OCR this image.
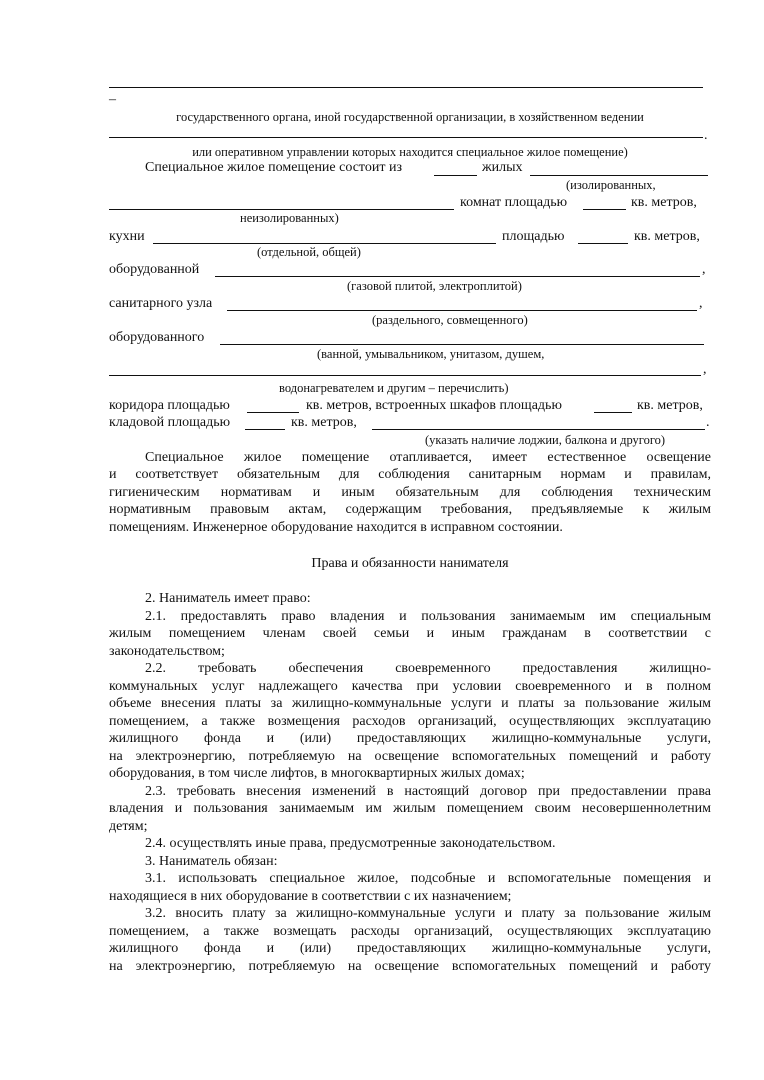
–
государственного органа, иной государственной организации, в хозяйственном ведении
.
или оперативном управлении которых находится специальное жилое помещение)
Специальное жилое помещение состоит из	жилых
(изолированных,
комнат площадью	кв. метров,
неизолированных)
кухни	площадью	кв. метров,
(отдельной, общей)
оборудованной	,
(газовой плитой, электроплитой)
санитарного узла	,
(раздельного, совмещенного)
оборудованного
(ванной, умывальником, унитазом, душем,
,
водонагревателем и другим – перечислить)
коридора площадью	кв. метров, встроенных шкафов площадью	кв. метров,
кладовой площадью	кв. метров,	.
(указать наличие лоджии, балкона и другого)
Специальное жилое помещение отапливается, имеет естественное освещение
и соответствует обязательным для соблюдения санитарным нормам и правилам,
гигиеническим нормативам и иным обязательным для соблюдения техническим
нормативным правовым актам, содержащим требования, предъявляемые к жилым
помещениям. Инженерное оборудование находится в исправном состоянии.
Права и обязанности нанимателя
2. Наниматель имеет право:
2.1. предоставлять право владения и пользования занимаемым им специальным
жилым помещением членам своей семьи и иным гражданам в соответствии с
законодательством;
2.2. требовать обеспечения своевременного предоставления жилищно-
коммунальных услуг надлежащего качества при условии своевременного и в полном
объеме внесения платы за жилищно-коммунальные услуги и платы за пользование жилым
помещением, а также возмещения расходов организаций, осуществляющих эксплуатацию
жилищного фонда и (или) предоставляющих жилищно-коммунальные услуги,
на электроэнергию, потребляемую на освещение вспомогательных помещений и работу
оборудования, в том числе лифтов, в многоквартирных жилых домах;
2.3. требовать внесения изменений в настоящий договор при предоставлении права
владения и пользования занимаемым им жилым помещением своим несовершеннолетним
детям;
2.4. осуществлять иные права, предусмотренные законодательством.
3. Наниматель обязан:
3.1. использовать специальное жилое, подсобные и вспомогательные помещения и
находящиеся в них оборудование в соответствии с их назначением;
3.2. вносить плату за жилищно-коммунальные услуги и плату за пользование жилым
помещением, а также возмещать расходы организаций, осуществляющих эксплуатацию
жилищного фонда и (или) предоставляющих жилищно-коммунальные услуги,
на электроэнергию, потребляемую на освещение вспомогательных помещений и работу
